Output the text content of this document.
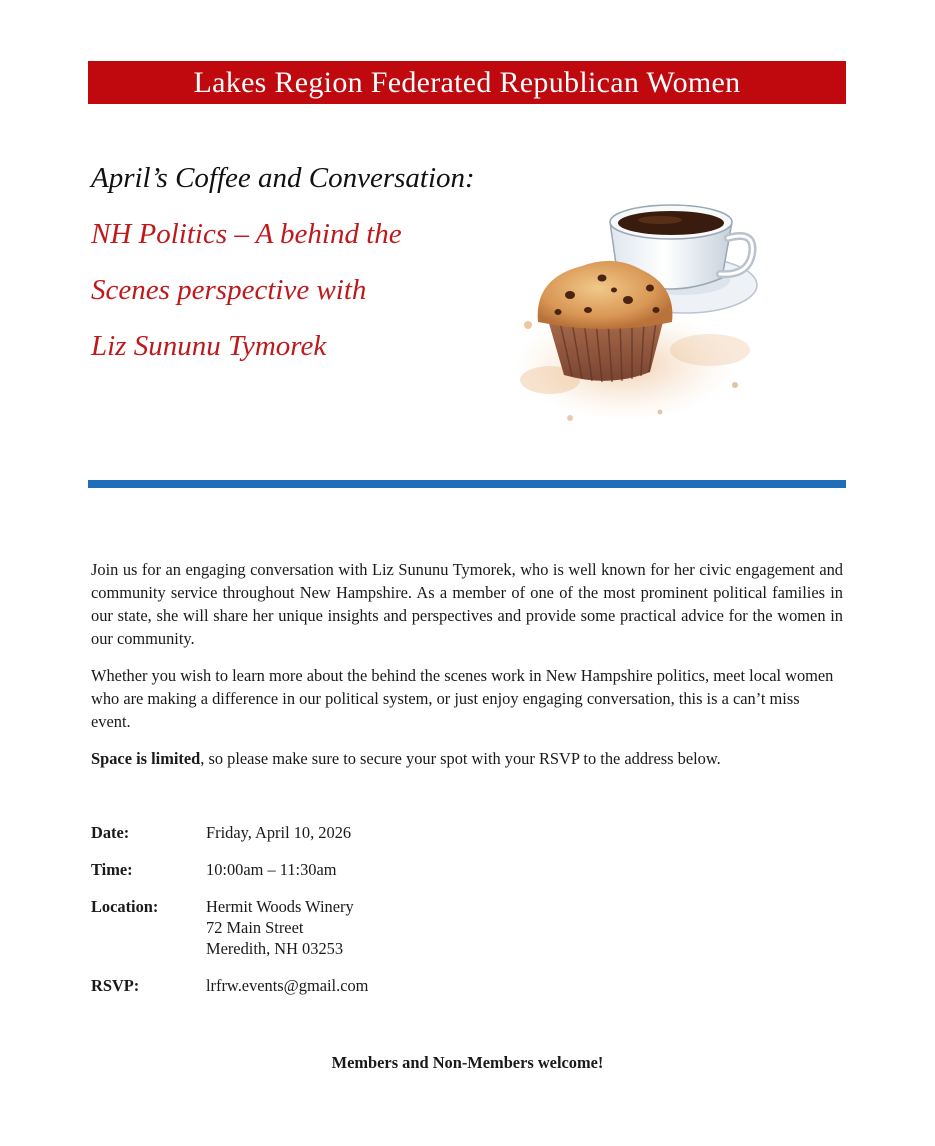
Lakes Region Federated Republican Women
April’s Coffee and Conversation:
NH Politics – A behind the
Scenes perspective with
Liz Sununu Tymorek

Join us for an engaging conversation with Liz Sununu Tymorek, who is well known for her civic engagement and community service throughout New Hampshire. As a member of one of the most prominent political families in our state, she will share her unique insights and perspectives and provide some practical advice for the women in our community.

Whether you wish to learn more about the behind the scenes work in New Hampshire politics, meet local women who are making a difference in our political system, or just enjoy engaging conversation, this is a can’t miss event.

Space is limited, so please make sure to secure your spot with your RSVP to the address below.

Date:	Friday, April 10, 2026
Time:	10:00am – 11:30am
Location:	Hermit Woods Winery
72 Main Street
Meredith, NH 03253
RSVP:	lrfrw.events@gmail.com
Members and Non-Members welcome!
